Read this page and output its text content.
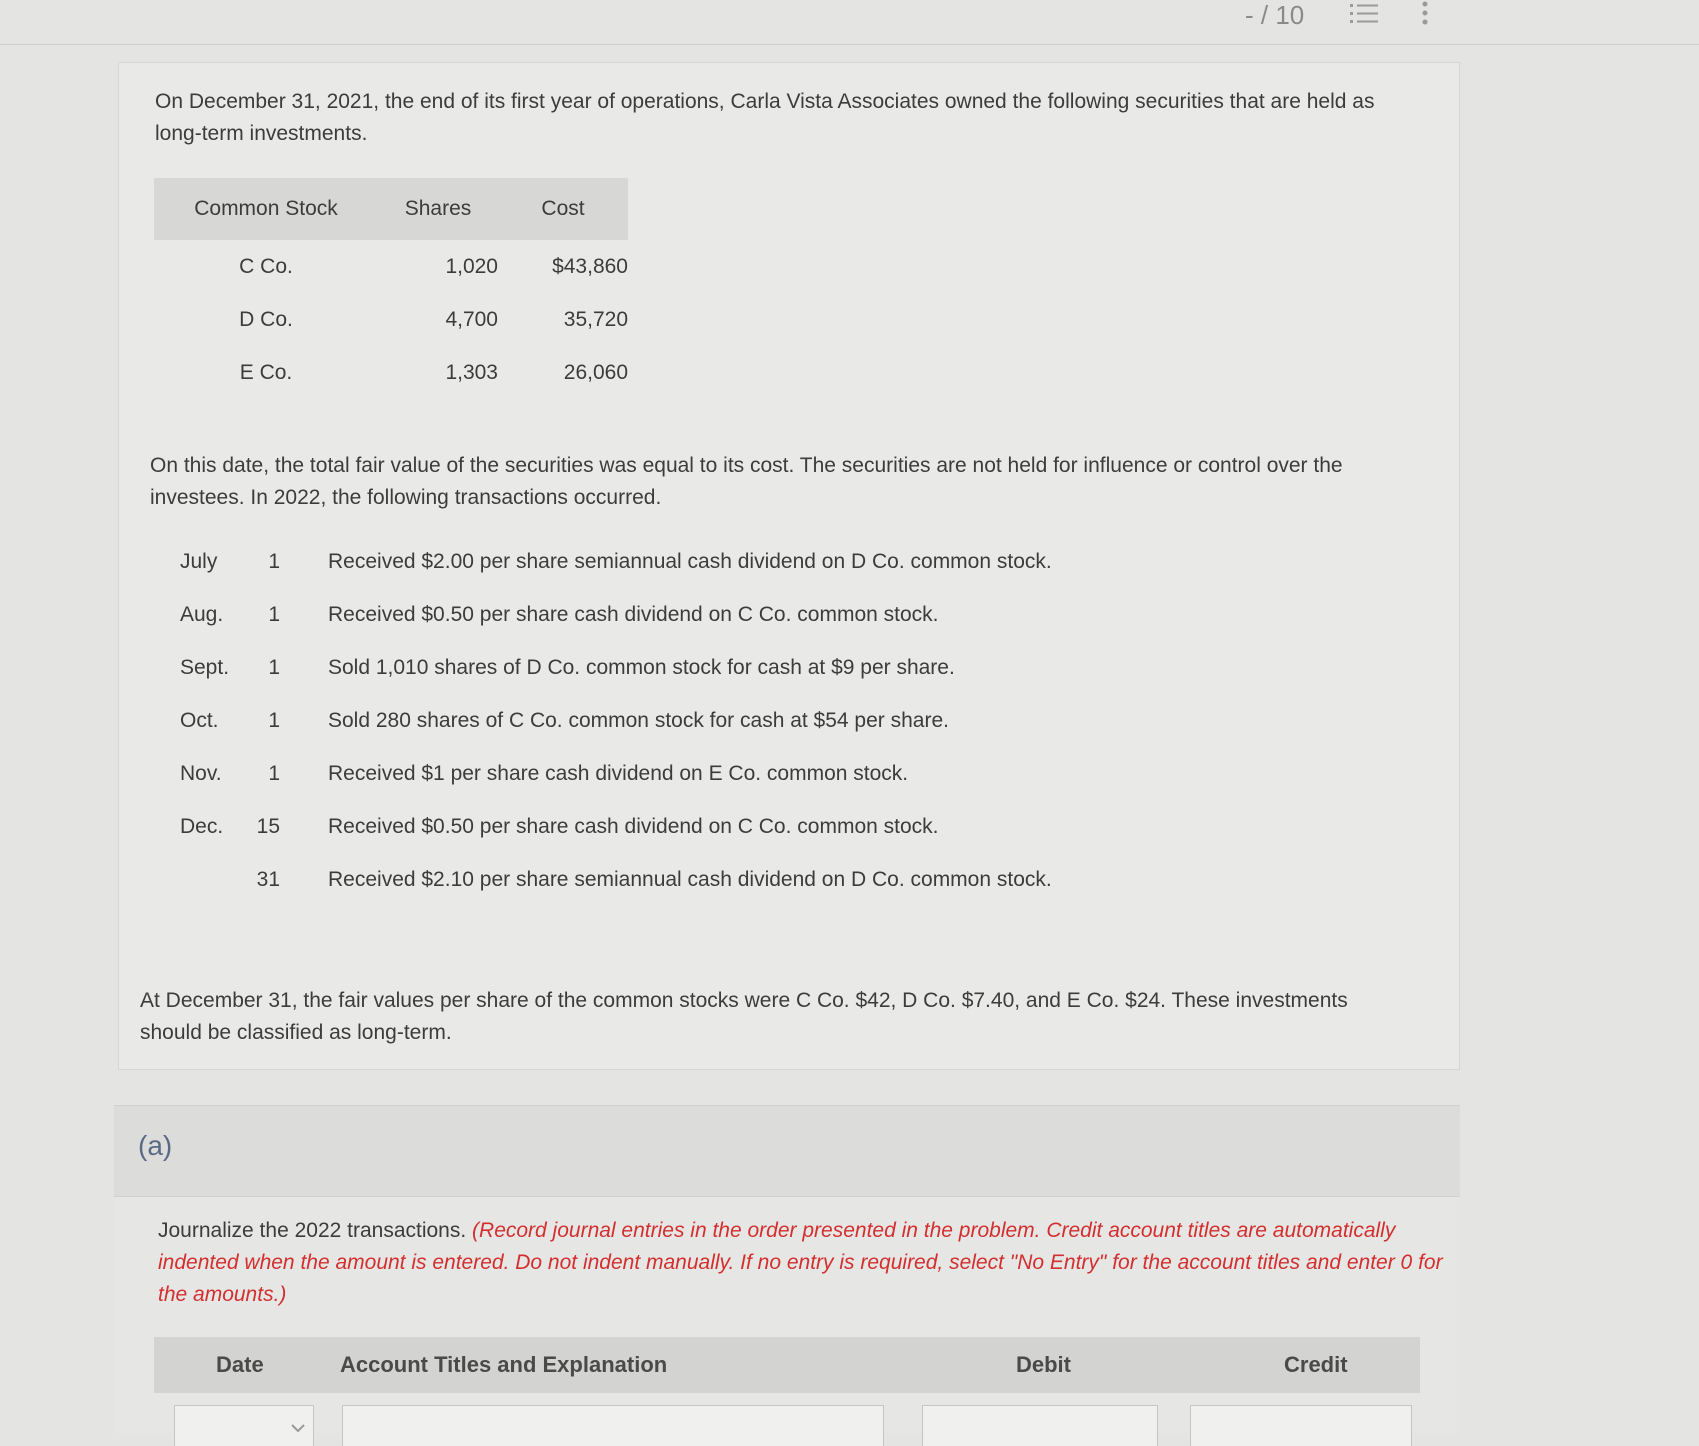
- / 10
On December 31, 2021, the end of its first year of operations, Carla Vista Associates owned the following securities that are held as long-term investments.
Common Stock	Shares	Cost
C Co.	1,020	$43,860
D Co.	4,700	35,720
E Co.	1,303	26,060
On this date, the total fair value of the securities was equal to its cost. The securities are not held for influence or control over the investees. In 2022, the following transactions occurred.
July	1 Received $2.00 per share semiannual cash dividend on D Co. common stock.
Aug.	1 Received $0.50 per share cash dividend on C Co. common stock.
Sept.	1 Sold 1,010 shares of D Co. common stock for cash at $9 per share.
Oct.	1 Sold 280 shares of C Co. common stock for cash at $54 per share.
Nov.	1 Received $1 per share cash dividend on E Co. common stock.
Dec.	15 Received $0.50 per share cash dividend on C Co. common stock.
31 Received $2.10 per share semiannual cash dividend on D Co. common stock.
At December 31, the fair values per share of the common stocks were C Co. $42, D Co. $7.40, and E Co. $24. These investments should be classified as long-term.
(a)
Journalize the 2022 transactions. (Record journal entries in the order presented in the problem. Credit account titles are automatically indented when the amount is entered. Do not indent manually. If no entry is required, select "No Entry" for the account titles and enter 0 for the amounts.)
Date	Account Titles and Explanation	Debit	Credit
